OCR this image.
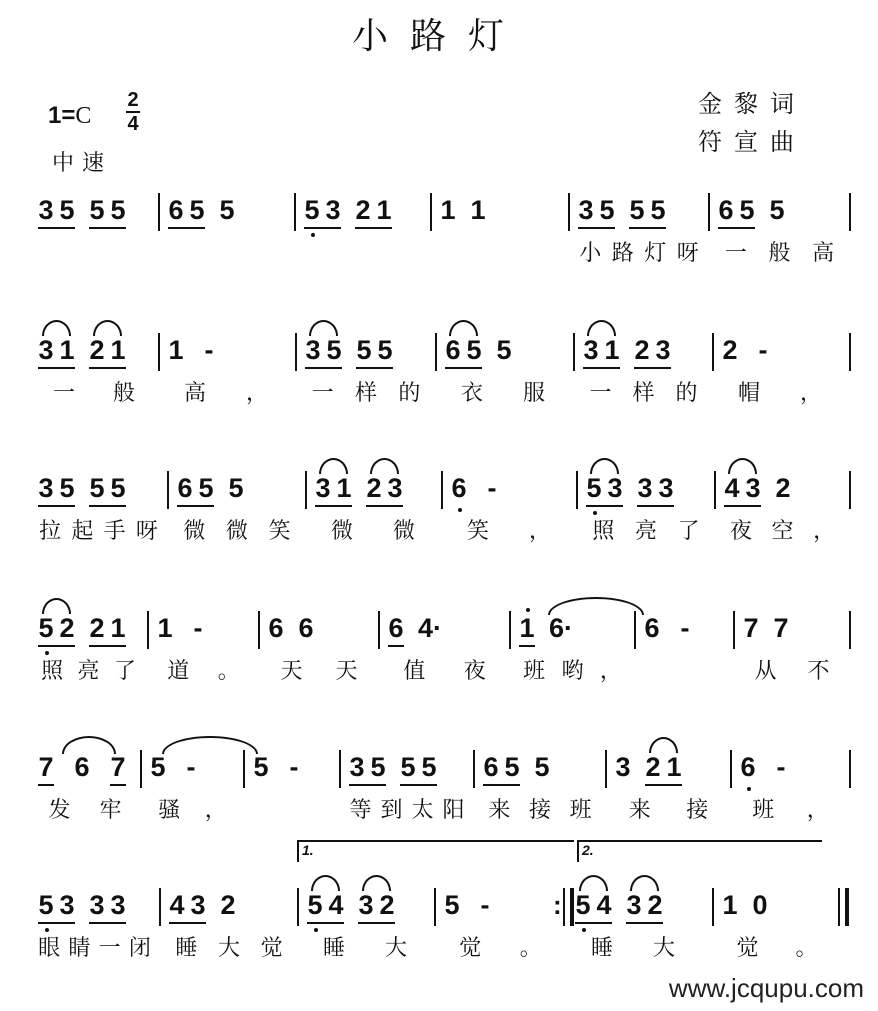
小路灯
1=C
2
4
中速
金黎词
符宣曲
3 5 5 5 6 5 5	5 3 2 1 1 1	3 5 5 5
小路灯呀
6 5 5
一般高
3 1 2 1
一般
1 -
高，
3 5 5 5
一样的
6 5 5
衣服
3 1 2 3
一样的
2 -
帽，
3 5 5 5
拉起手呀
6 5 5
微微笑
3 1 2 3
微微
6 -
笑，
5 3 3 3
照亮了
4 3 2
夜空，
5 2 2 1
照亮了
1 -
道。
6 6
天天
6 4·
值夜
1 6·
班哟，
6 - 7 7
从不
7 6 7
发牢
5 -
骚，
5 - 3 5 5 5
等到太阳
6 5 5
来接班
3 2 1
来接
6 -
班，
5 3 3 3
眼睛一闭
4 3 2
睡大觉
5 4 3 2
睡大
5 -
觉。
: 5 4 3 2
睡大
1 0
觉。
1.	2.
www.jcqupu.com
